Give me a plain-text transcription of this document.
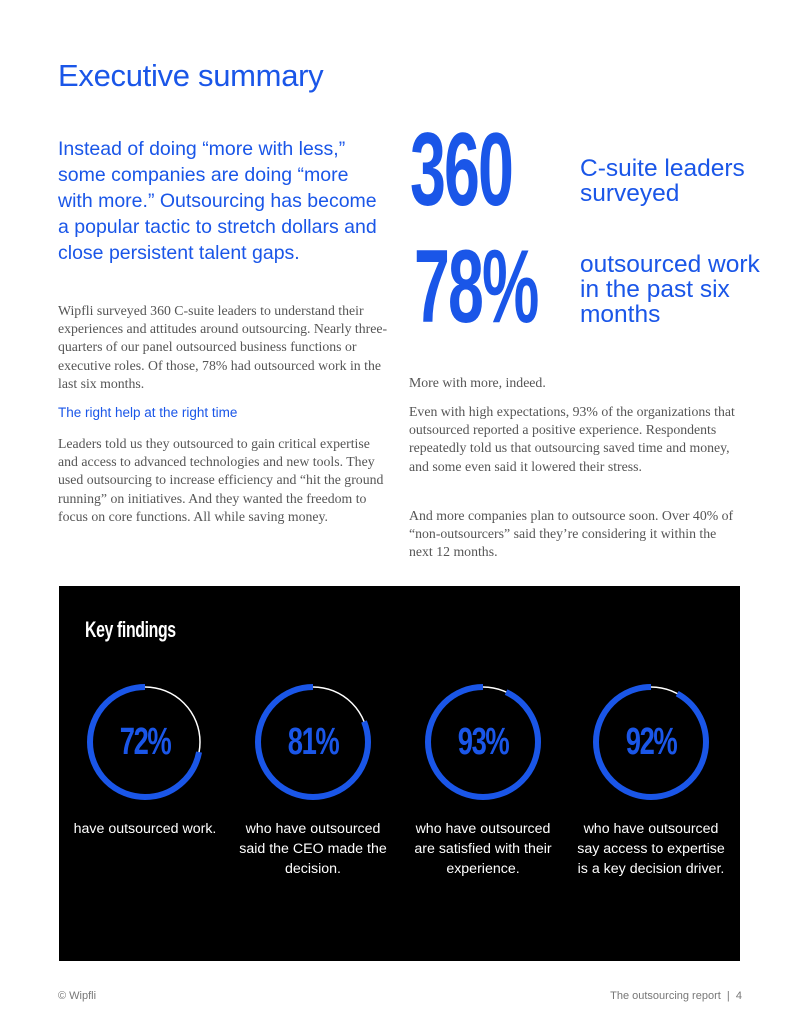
Executive summary
Instead of doing “more with less,” some companies are doing “more with more.” Outsourcing has become a popular tactic to stretch dollars and close persistent talent gaps.
Wipfli surveyed 360 C-suite leaders to understand their experiences and attitudes around outsourcing. Nearly three-quarters of our panel outsourced business functions or executive roles. Of those, 78% had outsourced work in the last six months.
The right help at the right time
Leaders told us they outsourced to gain critical expertise and access to advanced technologies and new tools. They used outsourcing to increase efficiency and “hit the ground running” on initiatives. And they wanted the freedom to focus on core functions. All while saving money.
360	C-suite leaders surveyed
78% outsourced work in the past six months
More with more, indeed.
Even with high expectations, 93% of the organizations that outsourced reported a positive experience. Respondents repeatedly told us that outsourcing saved time and money, and some even said it lowered their stress.
And more companies plan to outsource soon. Over 40% of “non-outsourcers” said they’re considering it within the next 12 months.
Key findings
72%
have outsourced work.
81%
who have outsourced said the CEO made the decision.
93%
who have outsourced are satisfied with their experience.
92%
who have outsourced say access to expertise is a key decision driver.
© Wipfli	The outsourcing report  |  4
